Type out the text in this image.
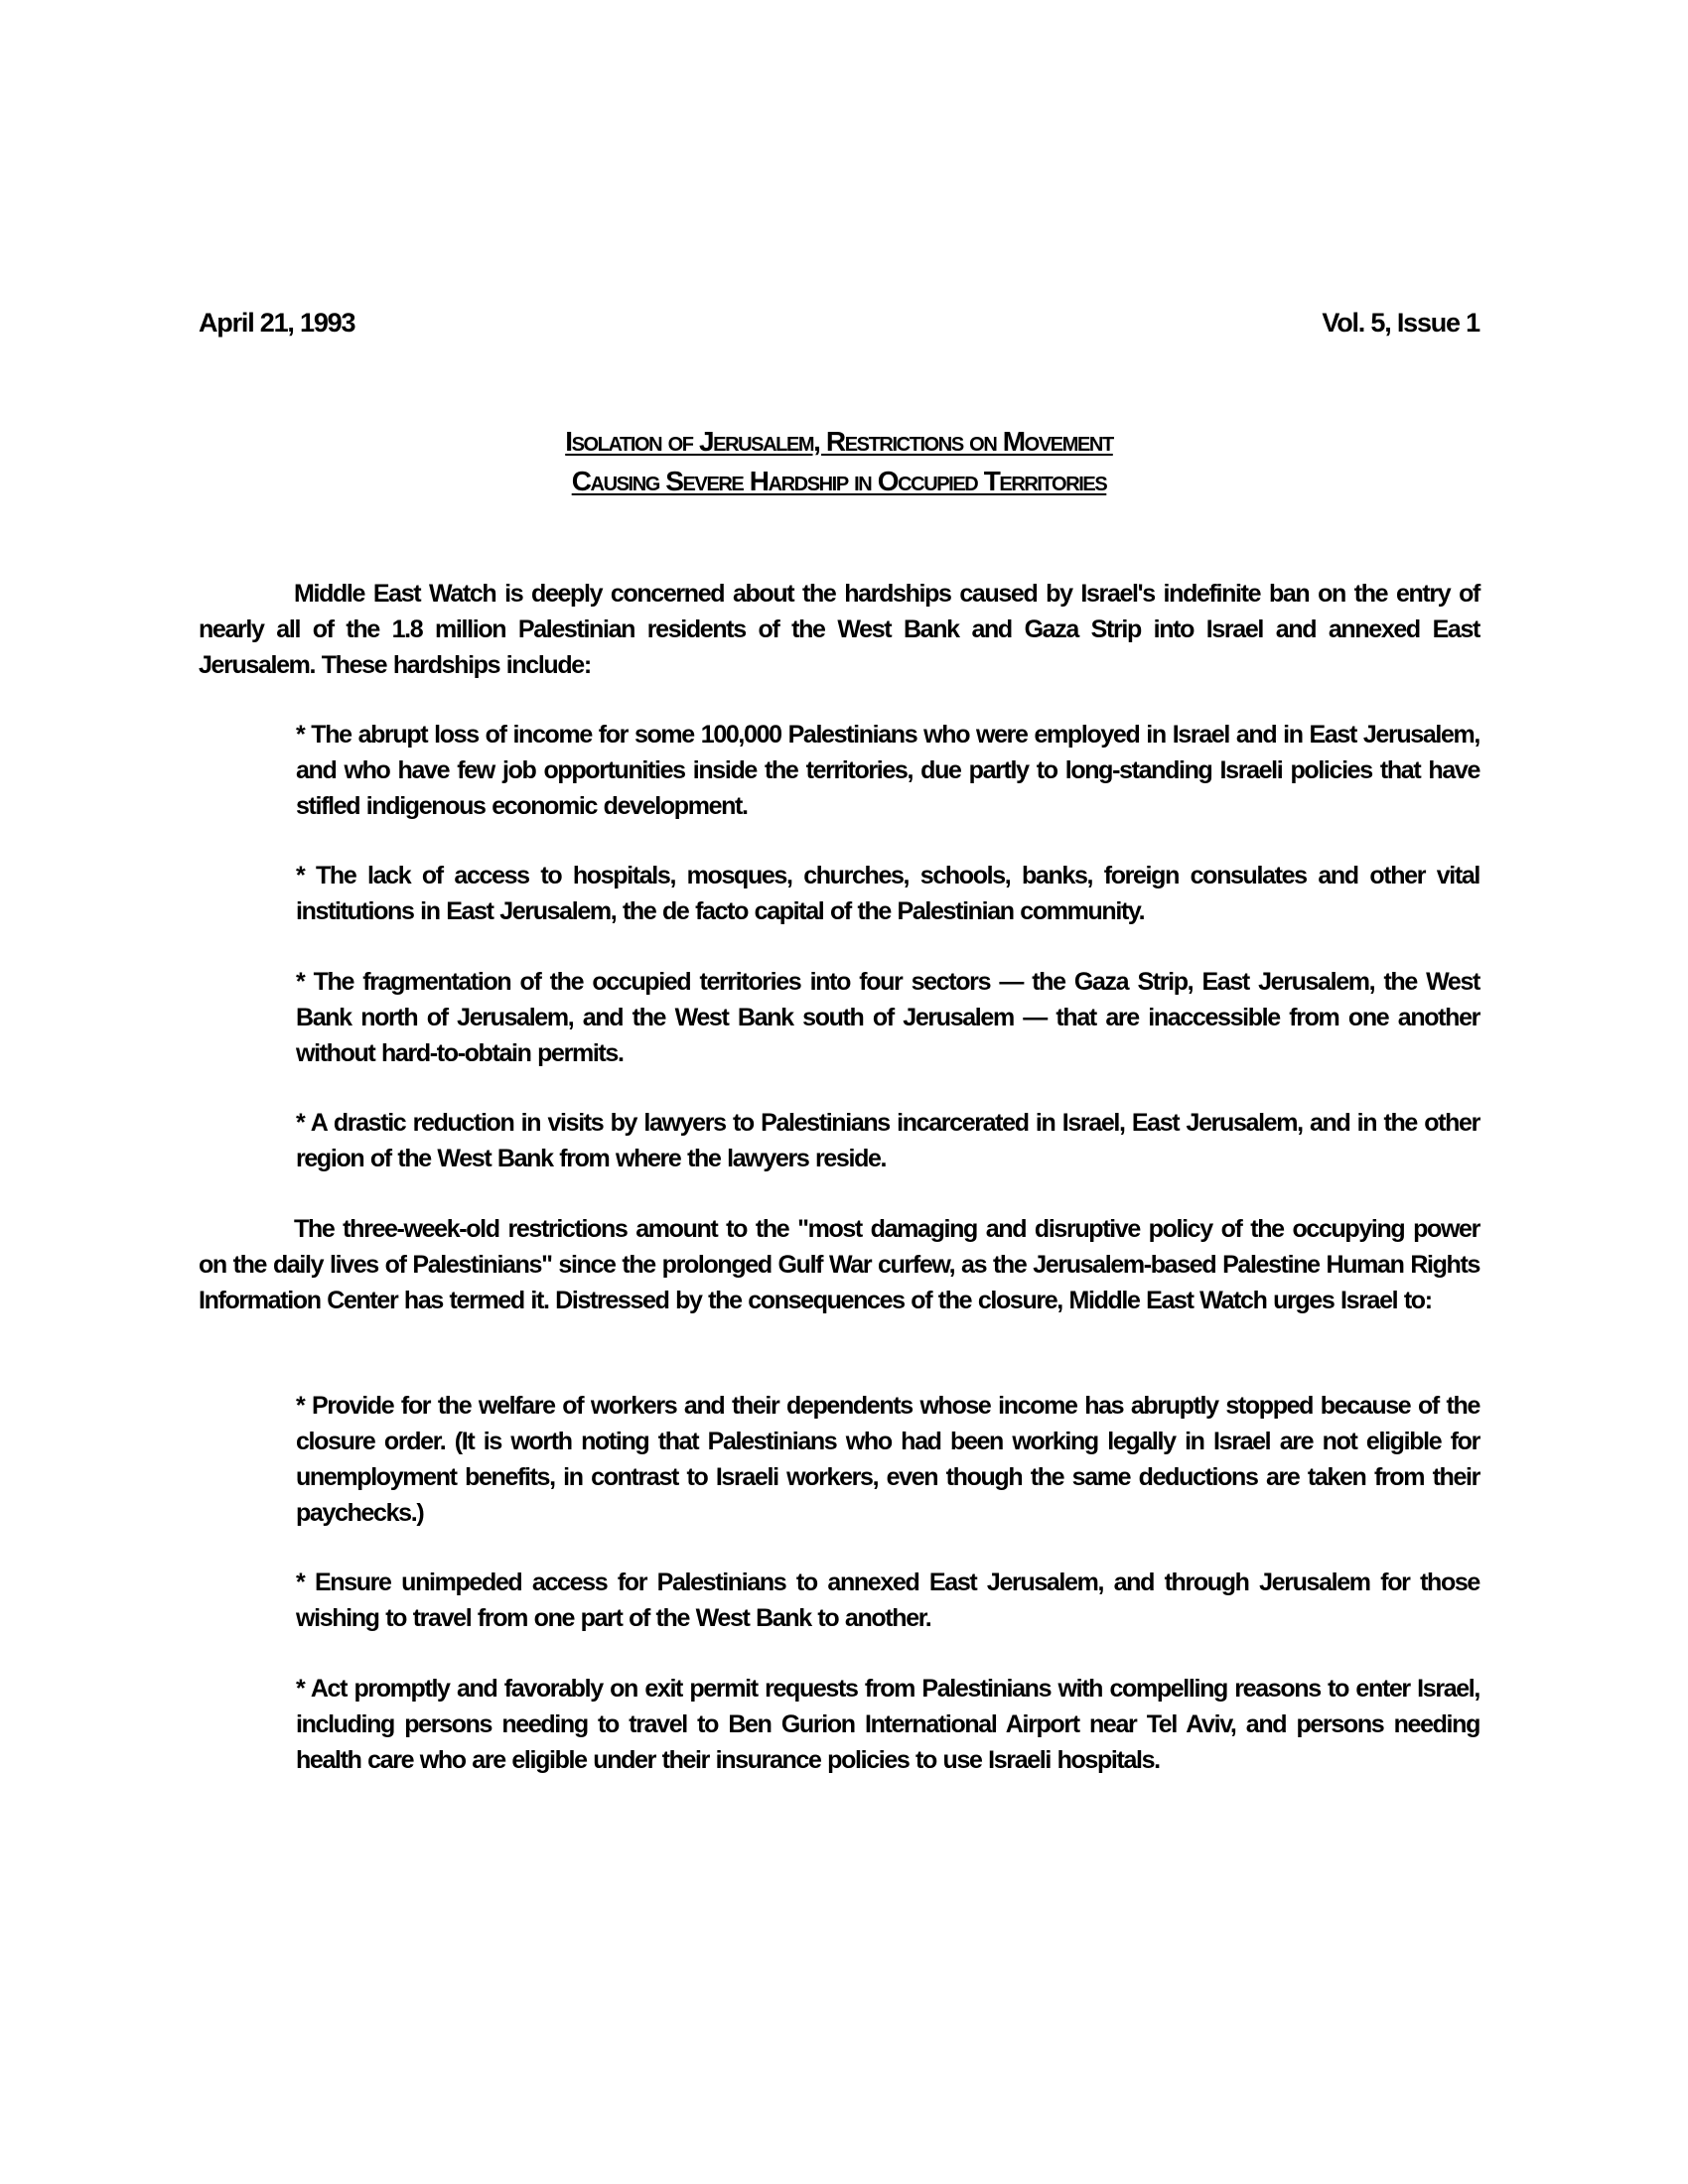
April 21, 1993	Vol. 5, Issue 1
Isolation of Jerusalem, Restrictions on Movement
Causing Severe Hardship in Occupied Territories

Middle East Watch is deeply concerned about the hardships caused by Israel's indefinite ban on the entry of nearly all of the 1.8 million Palestinian residents of the West Bank and Gaza Strip into Israel and annexed East Jerusalem. These hardships include:

* The abrupt loss of income for some 100,000 Palestinians who were employed in Israel and in East Jerusalem, and who have few job opportunities inside the territories, due partly to long-standing Israeli policies that have stifled indigenous economic development.

* The lack of access to hospitals, mosques, churches, schools, banks, foreign consulates and other vital institutions in East Jerusalem, the de facto capital of the Palestinian community.

* The fragmentation of the occupied territories into four sectors — the Gaza Strip, East Jerusalem, the West Bank north of Jerusalem, and the West Bank south of Jerusalem — that are inaccessible from one another without hard-to-obtain permits.

* A drastic reduction in visits by lawyers to Palestinians incarcerated in Israel, East Jerusalem, and in the other region of the West Bank from where the lawyers reside.

The three-week-old restrictions amount to the "most damaging and disruptive policy of the occupying power on the daily lives of Palestinians" since the prolonged Gulf War curfew, as the Jerusalem-based Palestine Human Rights Information Center has termed it. Distressed by the consequences of the closure, Middle East Watch urges Israel to:

* Provide for the welfare of workers and their dependents whose income has abruptly stopped because of the closure order. (It is worth noting that Palestinians who had been working legally in Israel are not eligible for unemployment benefits, in contrast to Israeli workers, even though the same deductions are taken from their paychecks.)

* Ensure unimpeded access for Palestinians to annexed East Jerusalem, and through Jerusalem for those wishing to travel from one part of the West Bank to another.

* Act promptly and favorably on exit permit requests from Palestinians with compelling reasons to enter Israel, including persons needing to travel to Ben Gurion International Airport near Tel Aviv, and persons needing health care who are eligible under their insurance policies to use Israeli hospitals.
